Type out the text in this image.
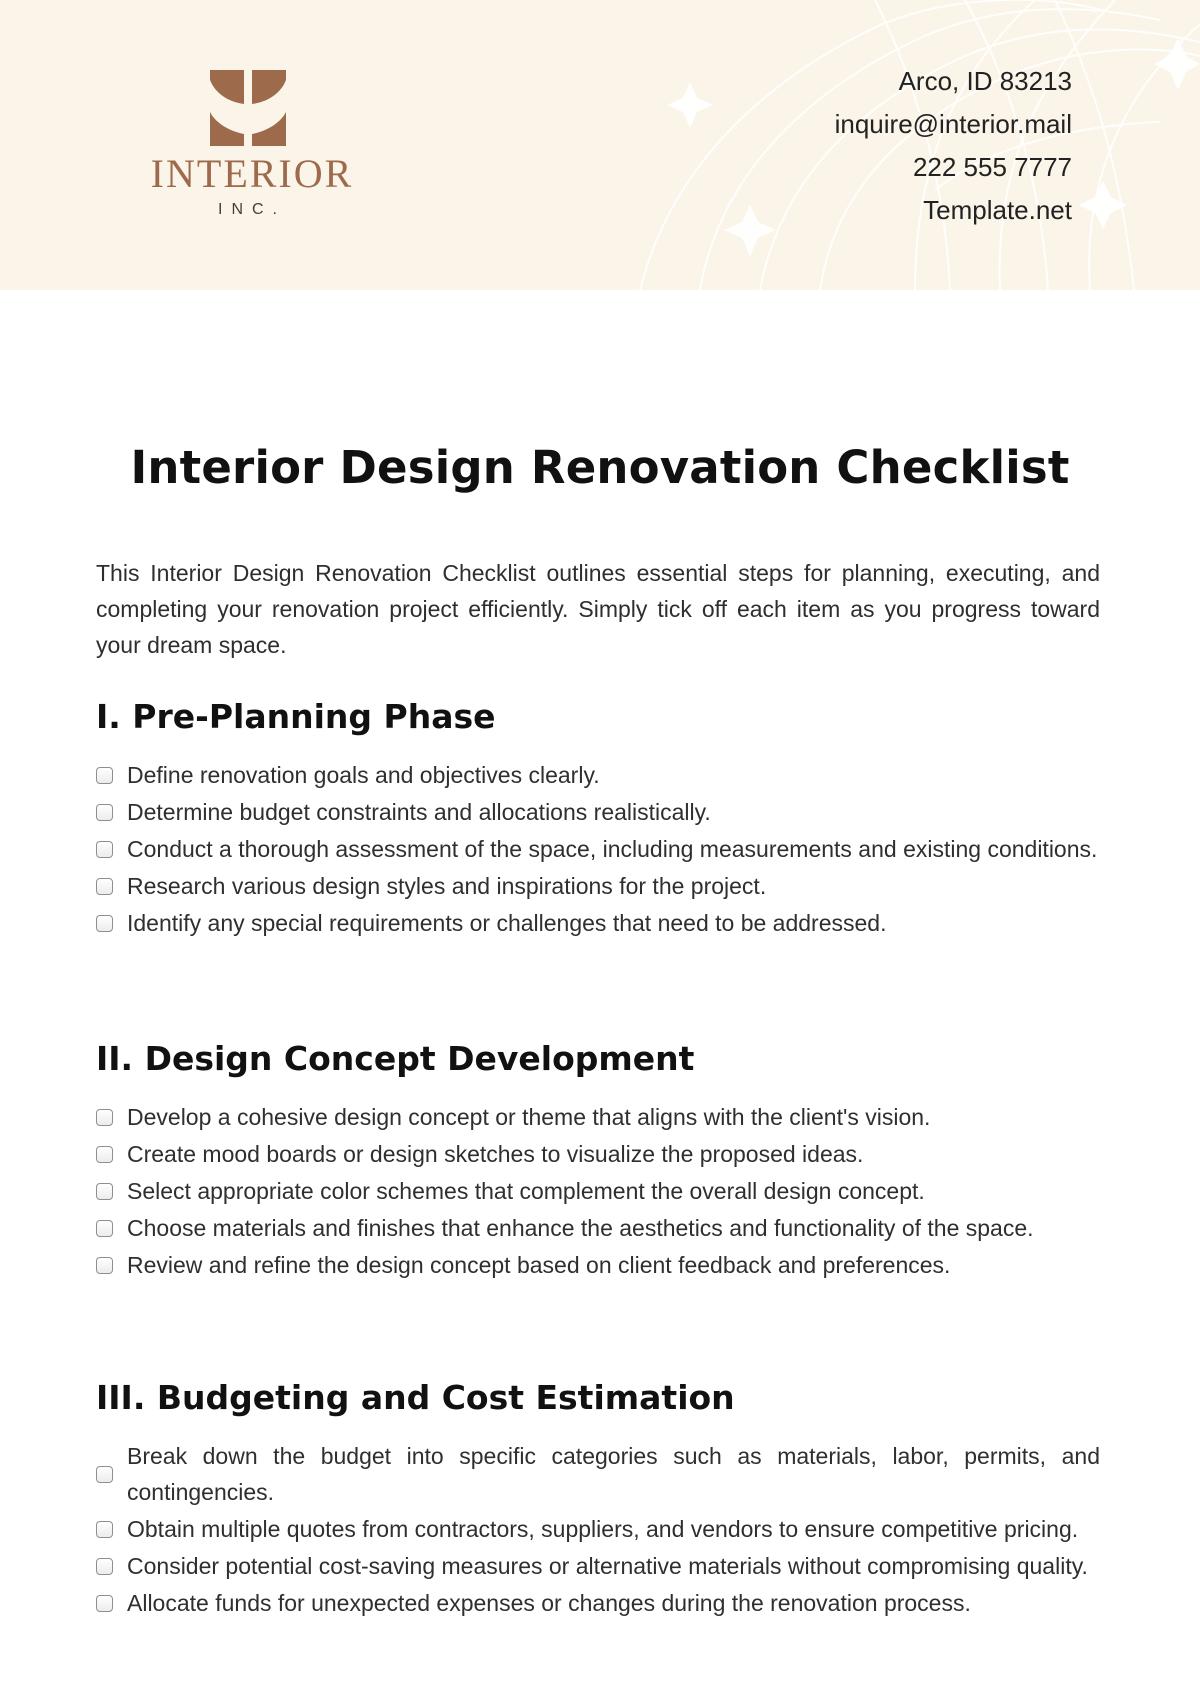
INTERIOR
INC.
Arco, ID 83213
inquire@interior.mail
222 555 7777
Template.net
Interior Design Renovation Checklist

This Interior Design Renovation Checklist outlines essential steps for planning, executing, and completing your renovation project efficiently. Simply tick off each item as you progress toward your dream space.

I. Pre-Planning Phase
Define renovation goals and objectives clearly.
Determine budget constraints and allocations realistically.
Conduct a thorough assessment of the space, including measurements and existing conditions.
Research various design styles and inspirations for the project.
Identify any special requirements or challenges that need to be addressed.
II. Design Concept Development
Develop a cohesive design concept or theme that aligns with the client's vision.
Create mood boards or design sketches to visualize the proposed ideas.
Select appropriate color schemes that complement the overall design concept.
Choose materials and finishes that enhance the aesthetics and functionality of the space.
Review and refine the design concept based on client feedback and preferences.
III. Budgeting and Cost Estimation
Break down the budget into specific categories such as materials, labor, permits, and contingencies.
Obtain multiple quotes from contractors, suppliers, and vendors to ensure competitive pricing.
Consider potential cost-saving measures or alternative materials without compromising quality.
Allocate funds for unexpected expenses or changes during the renovation process.
